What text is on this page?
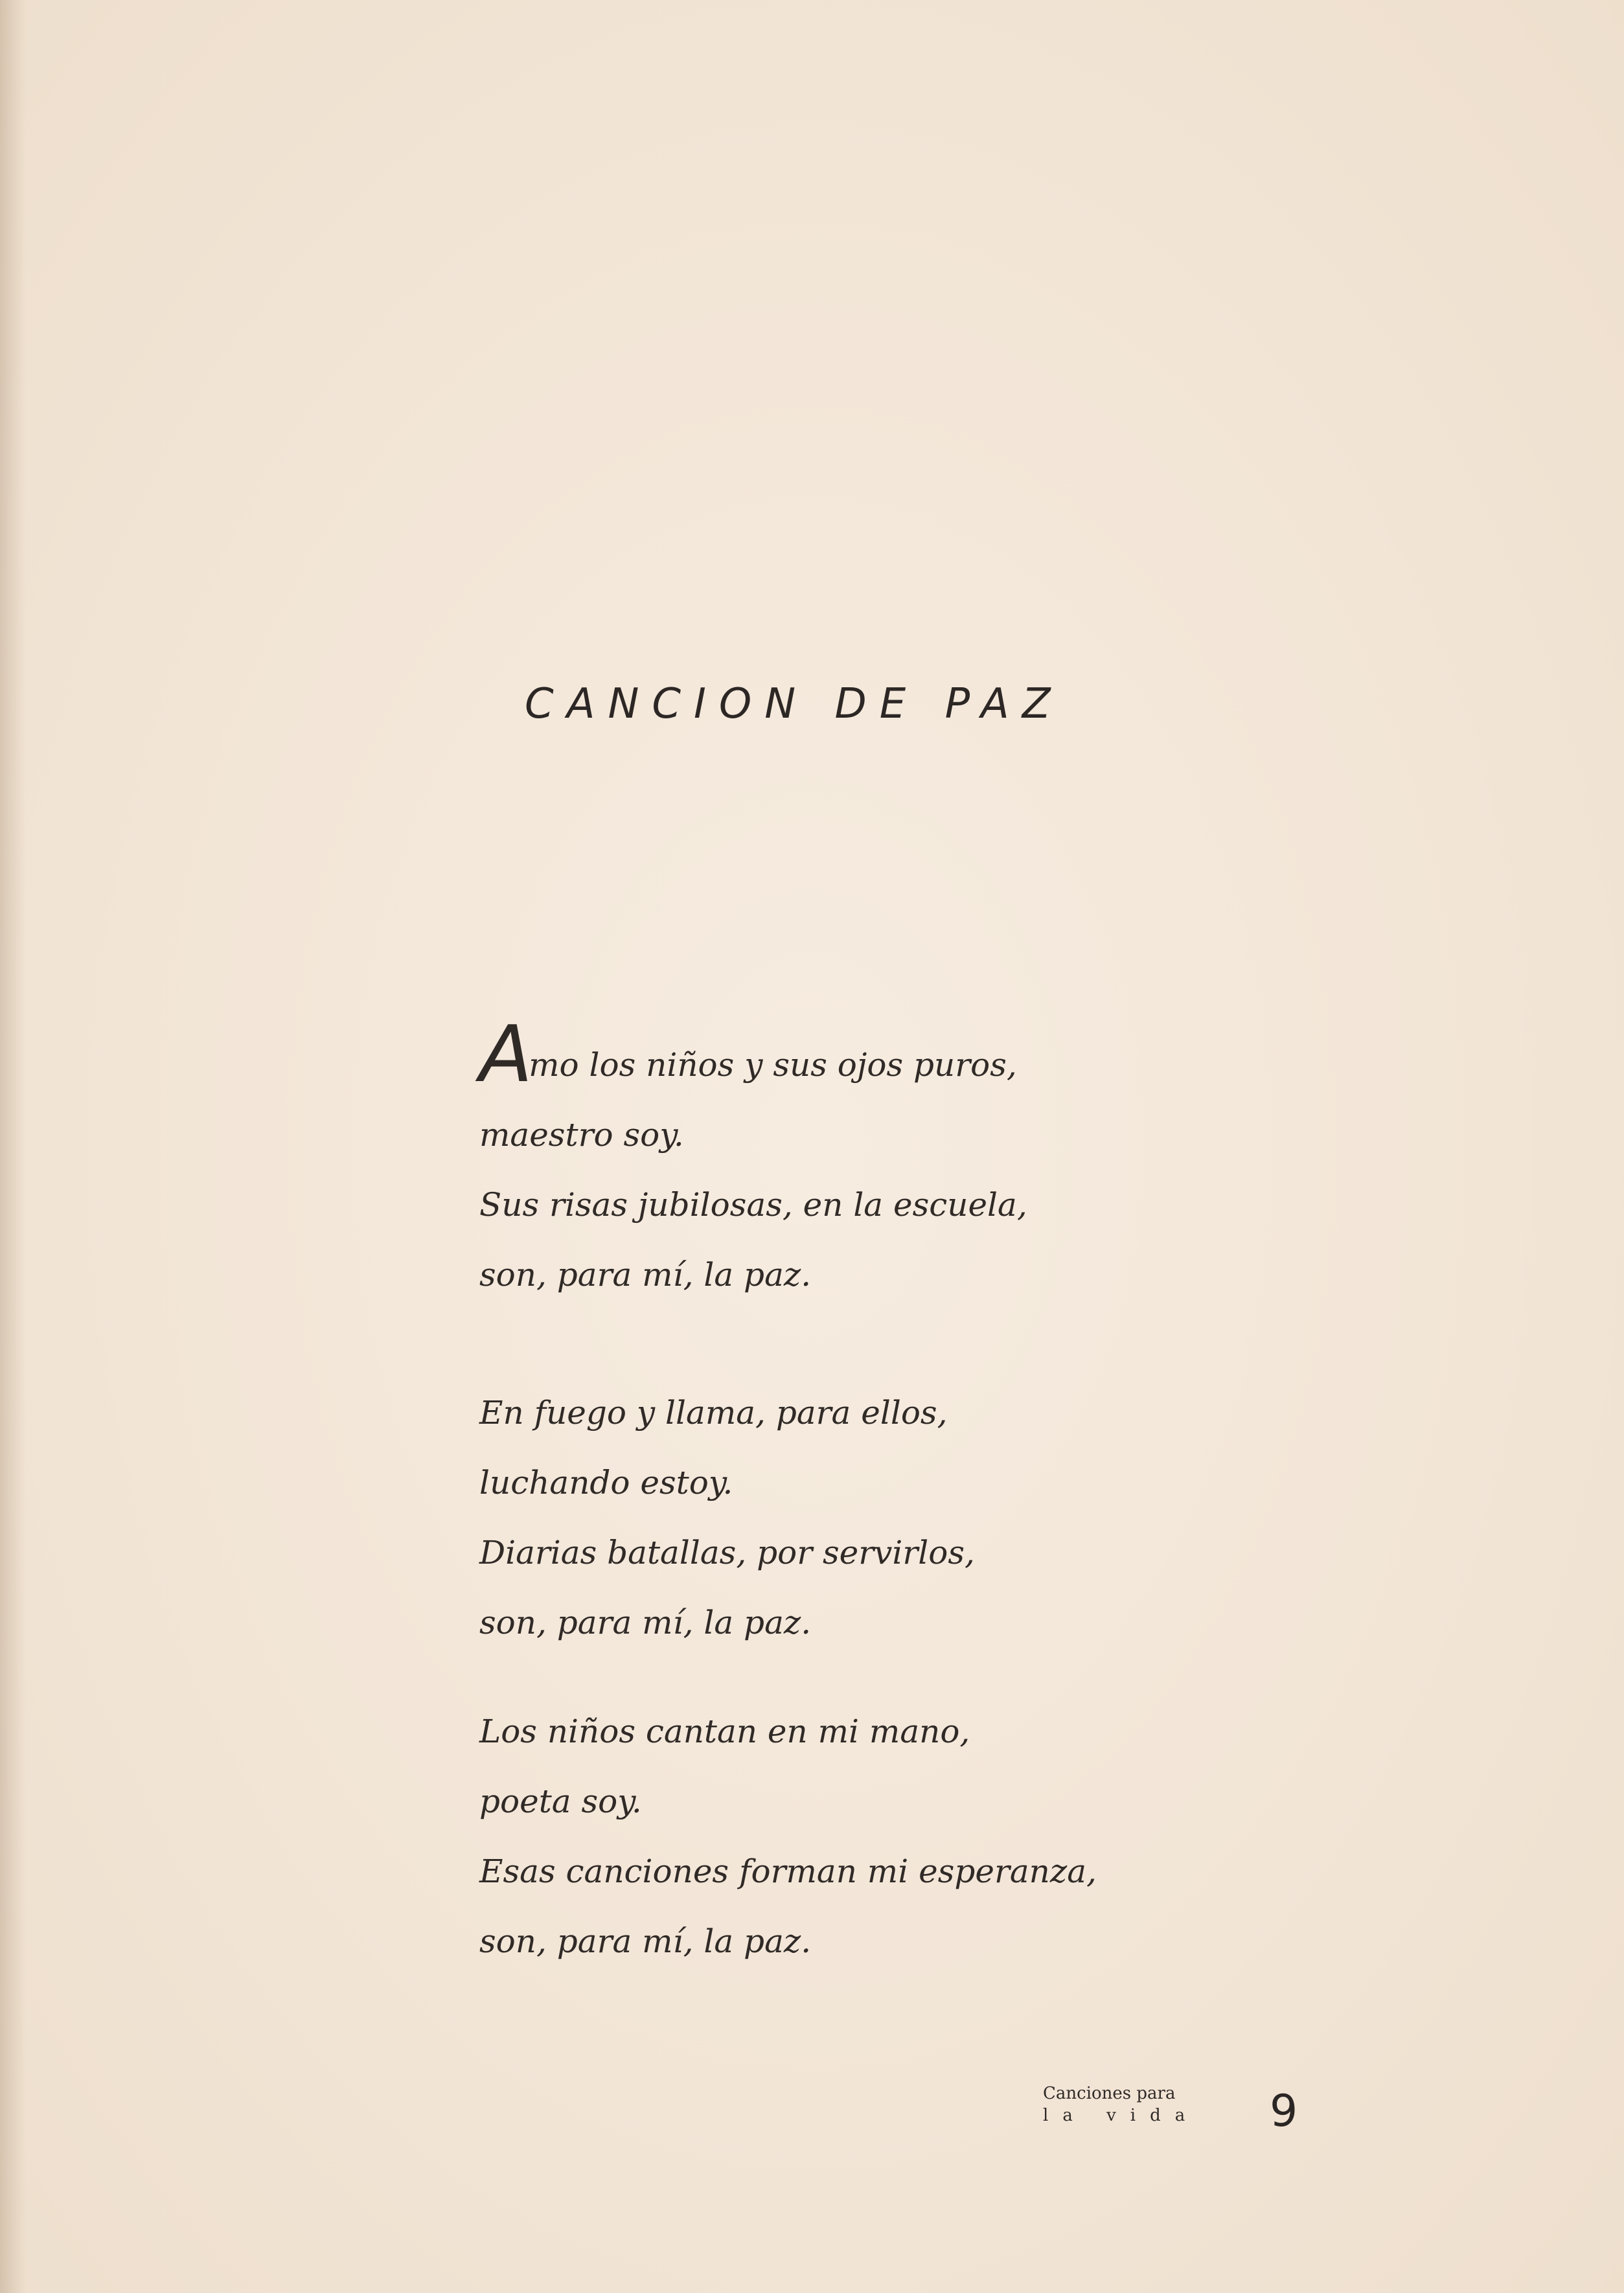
CANCION DE PAZ
Amo los niños y sus ojos puros,
maestro soy.
Sus risas jubilosas, en la escuela,
son, para mí, la paz.
En fuego y llama, para ellos,
luchando estoy.
Diarias batallas, por servirlos,
son, para mí, la paz.
Los niños cantan en mi mano,
poeta soy.
Esas canciones forman mi esperanza,
son, para mí, la paz.
Canciones para
la vida 9
